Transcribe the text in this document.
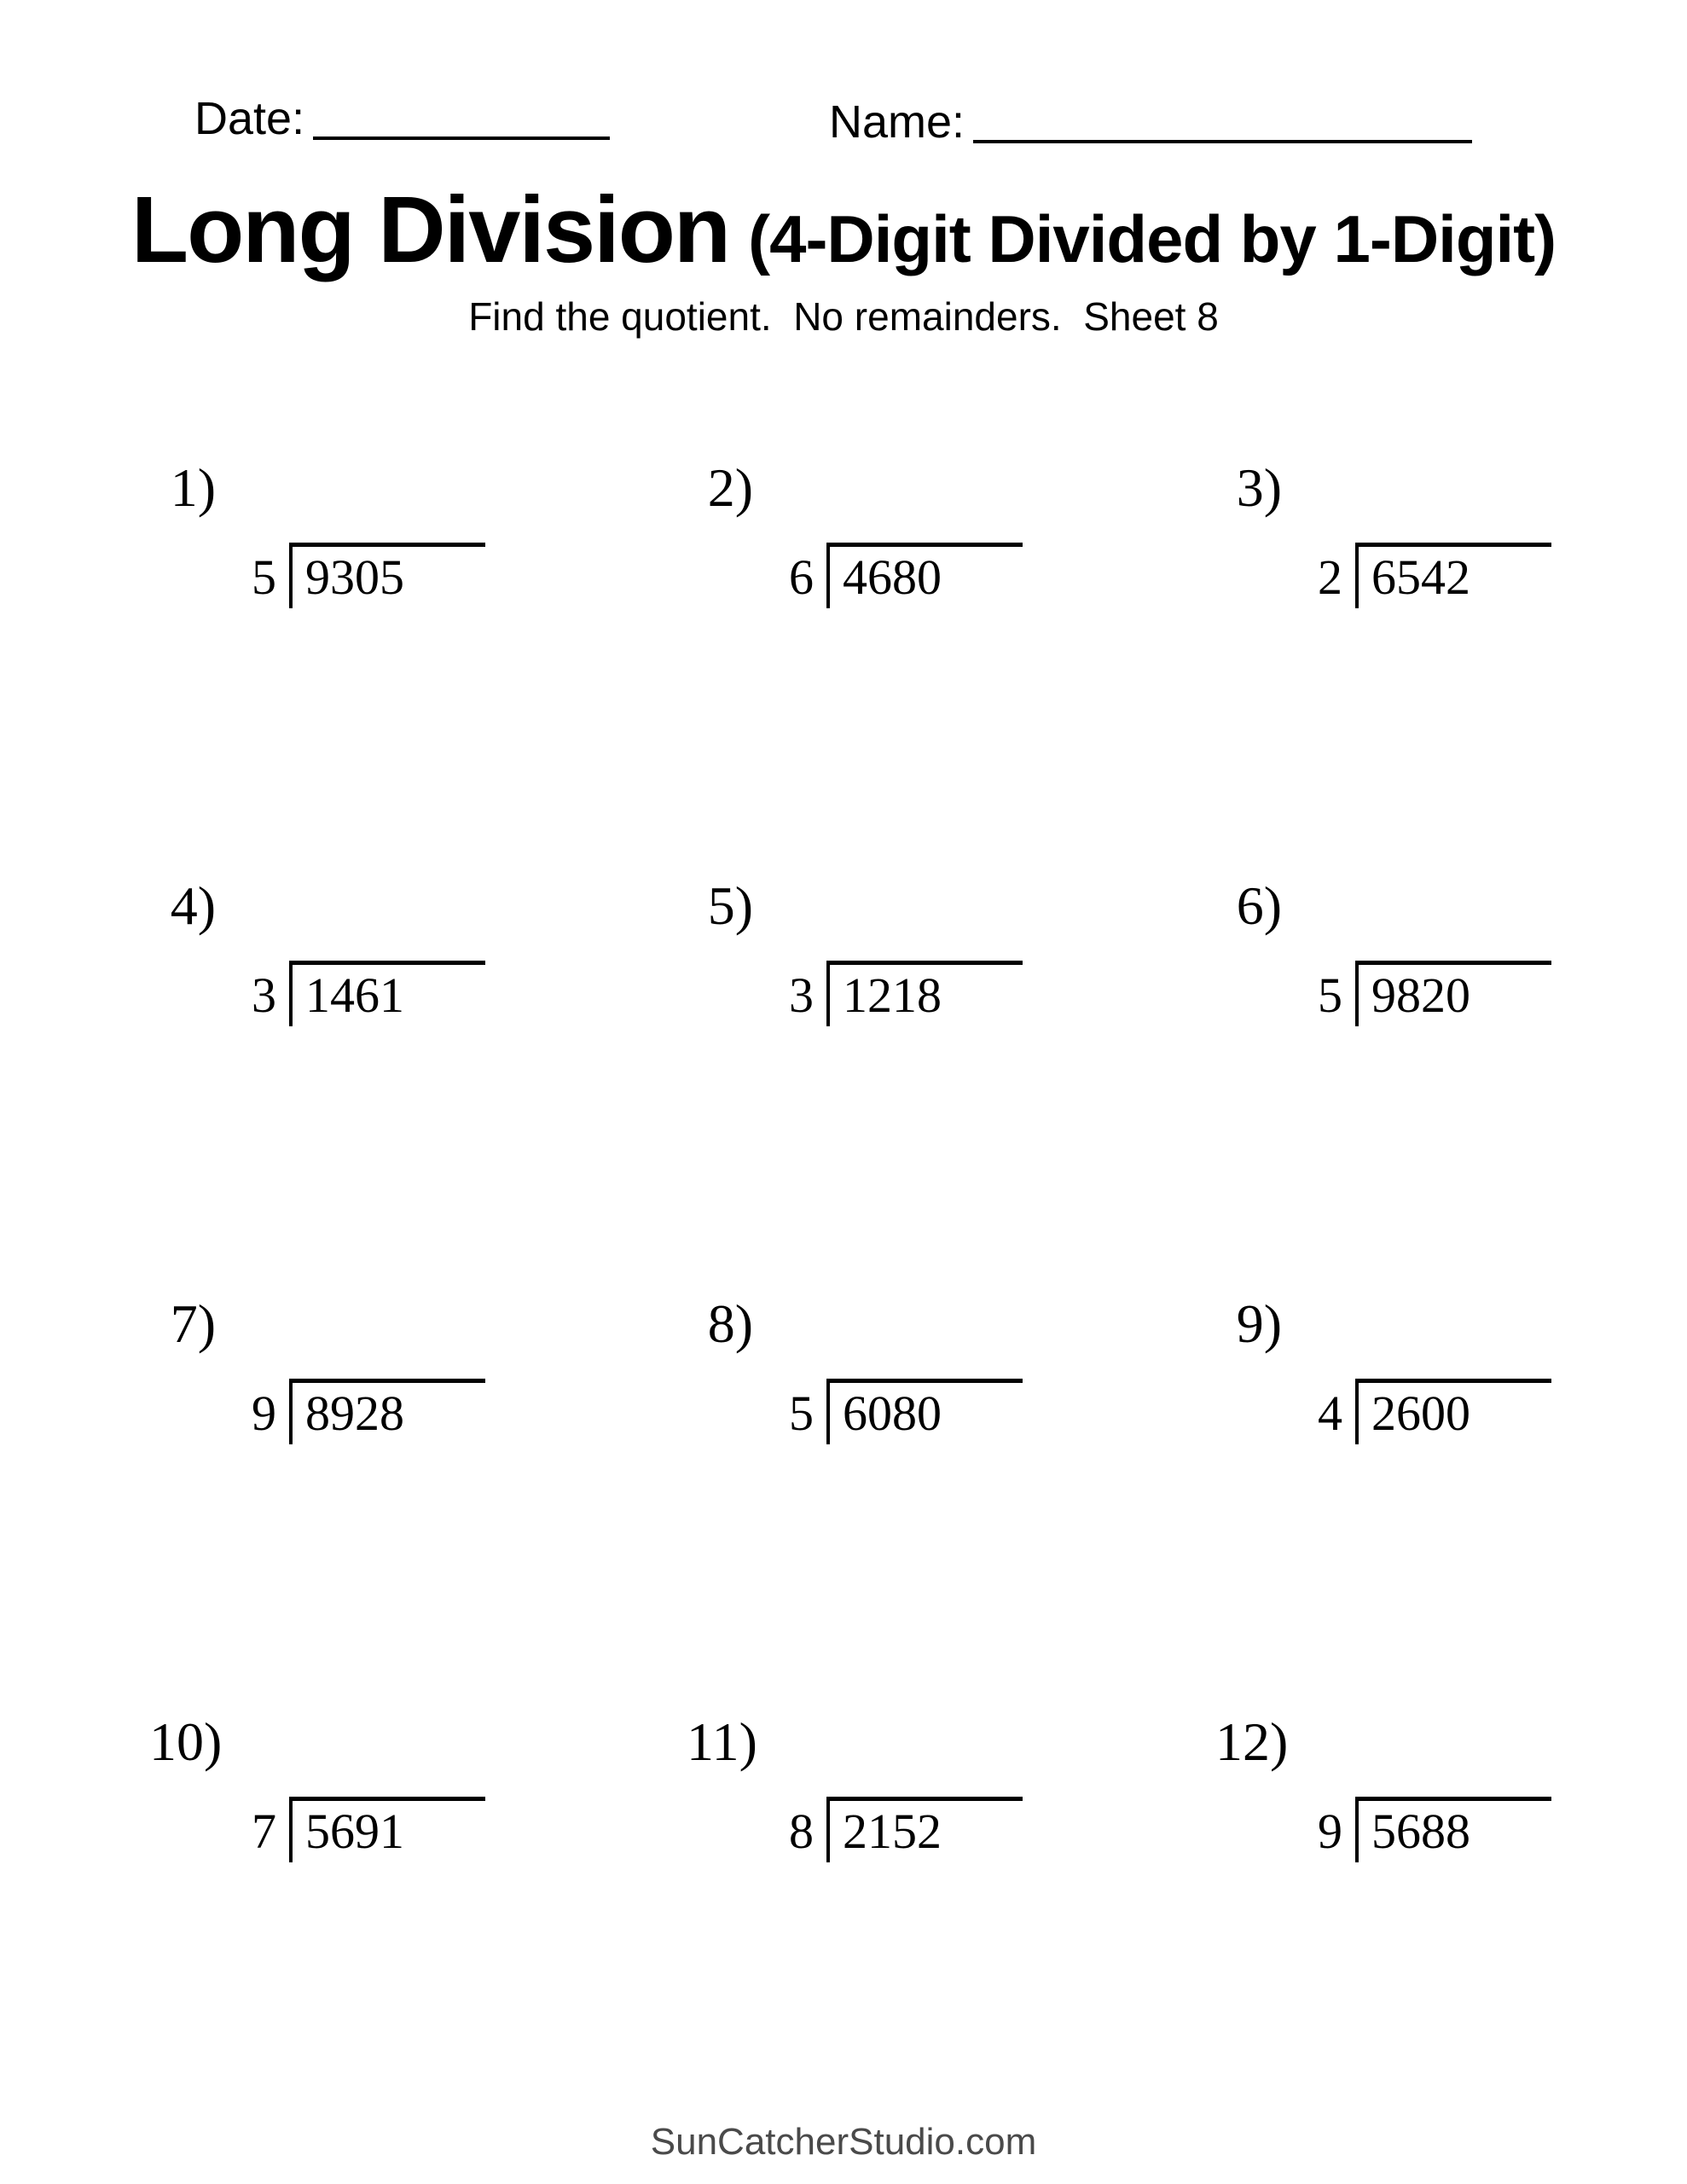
Date:	Name:
Long Division (4-Digit Divided by 1-Digit)
Find the quotient.  No remainders.  Sheet 8
1)
5 9305
2)
6 4680
3)
2 6542
4)
3 1461
5)
3 1218
6)
5 9820
7)
9 8928
8)
5 6080
9)
4 2600
10)
7 5691
11)
8 2152
12)
9 5688
SunCatcherStudio.com
